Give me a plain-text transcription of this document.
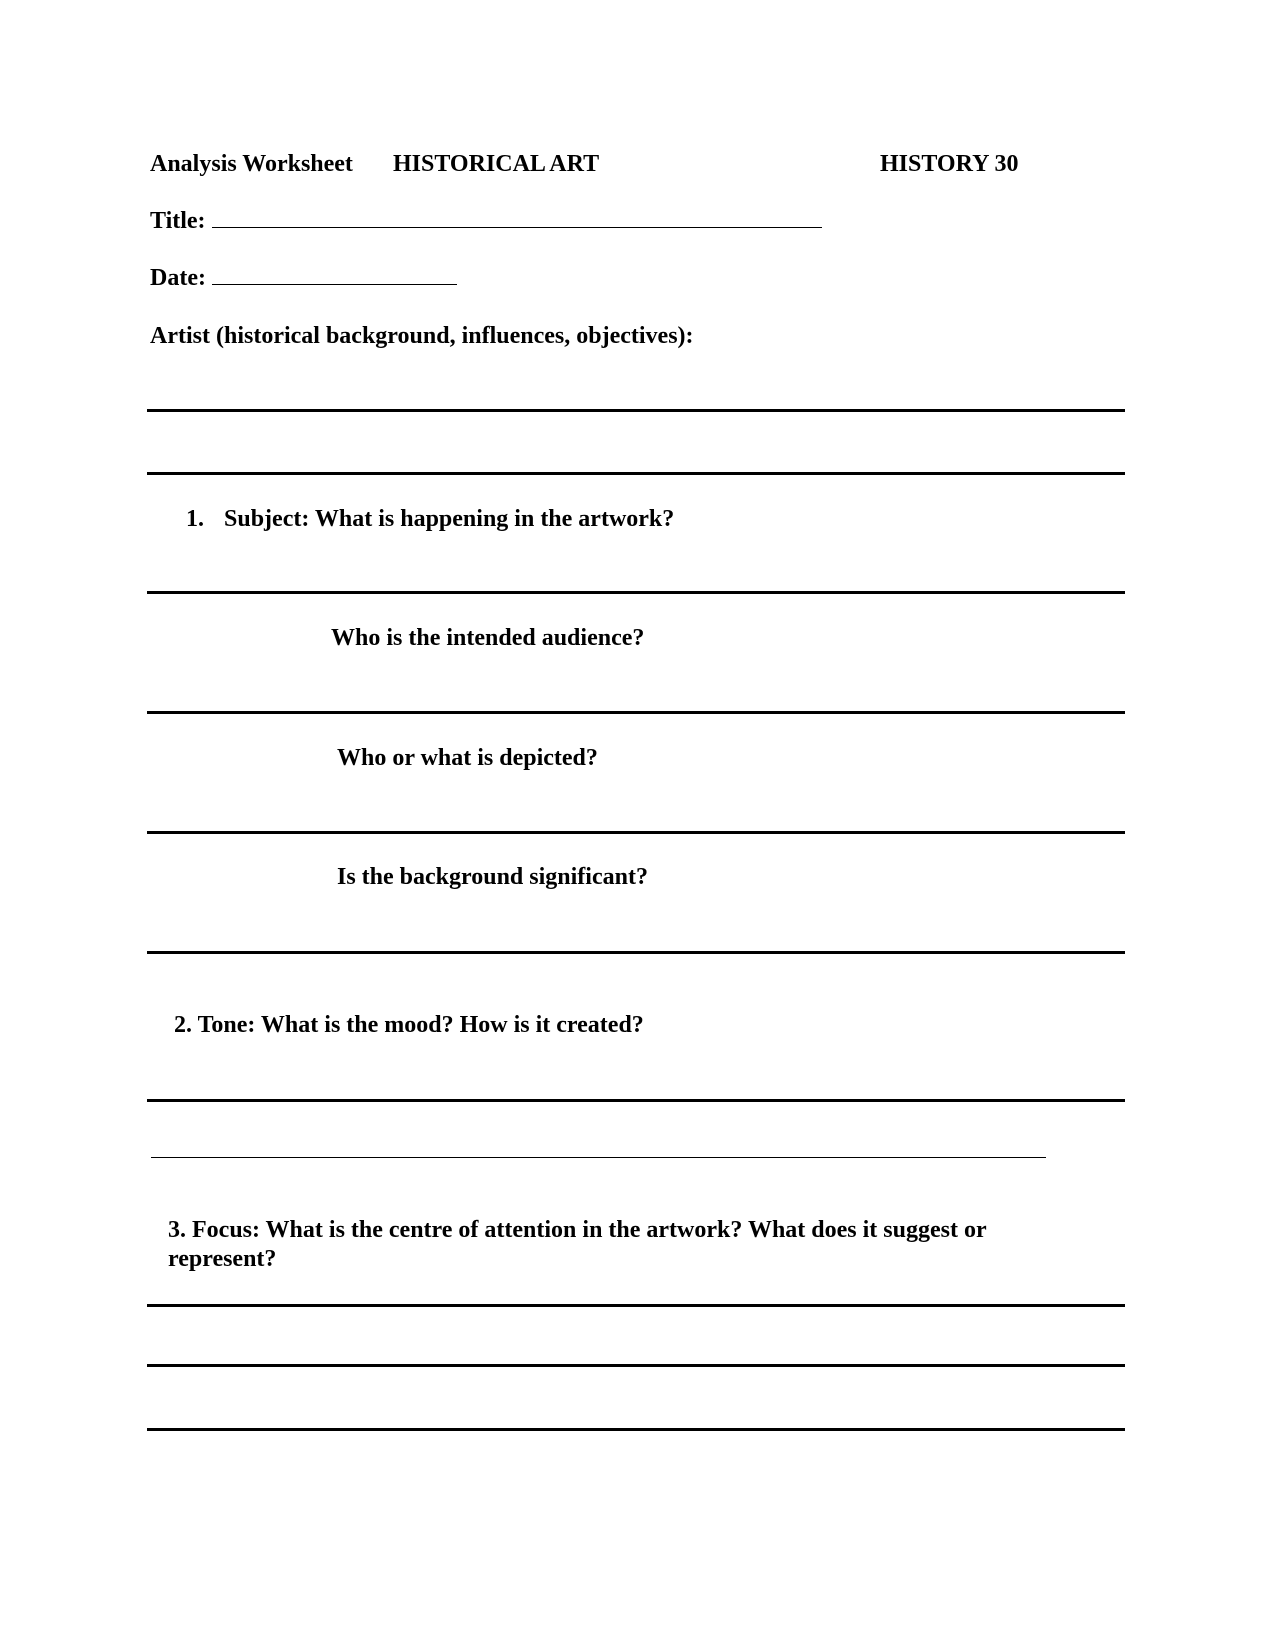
Analysis Worksheet HISTORICAL ART	HISTORY 30
Title:
Date:
Artist (historical background, influences, objectives):
1. Subject: What is happening in the artwork?
Who is the intended audience?
Who or what is depicted?
Is the background significant?
2. Tone: What is the mood? How is it created?
3. Focus: What is the centre of attention in the artwork? What does it suggest or
represent?
